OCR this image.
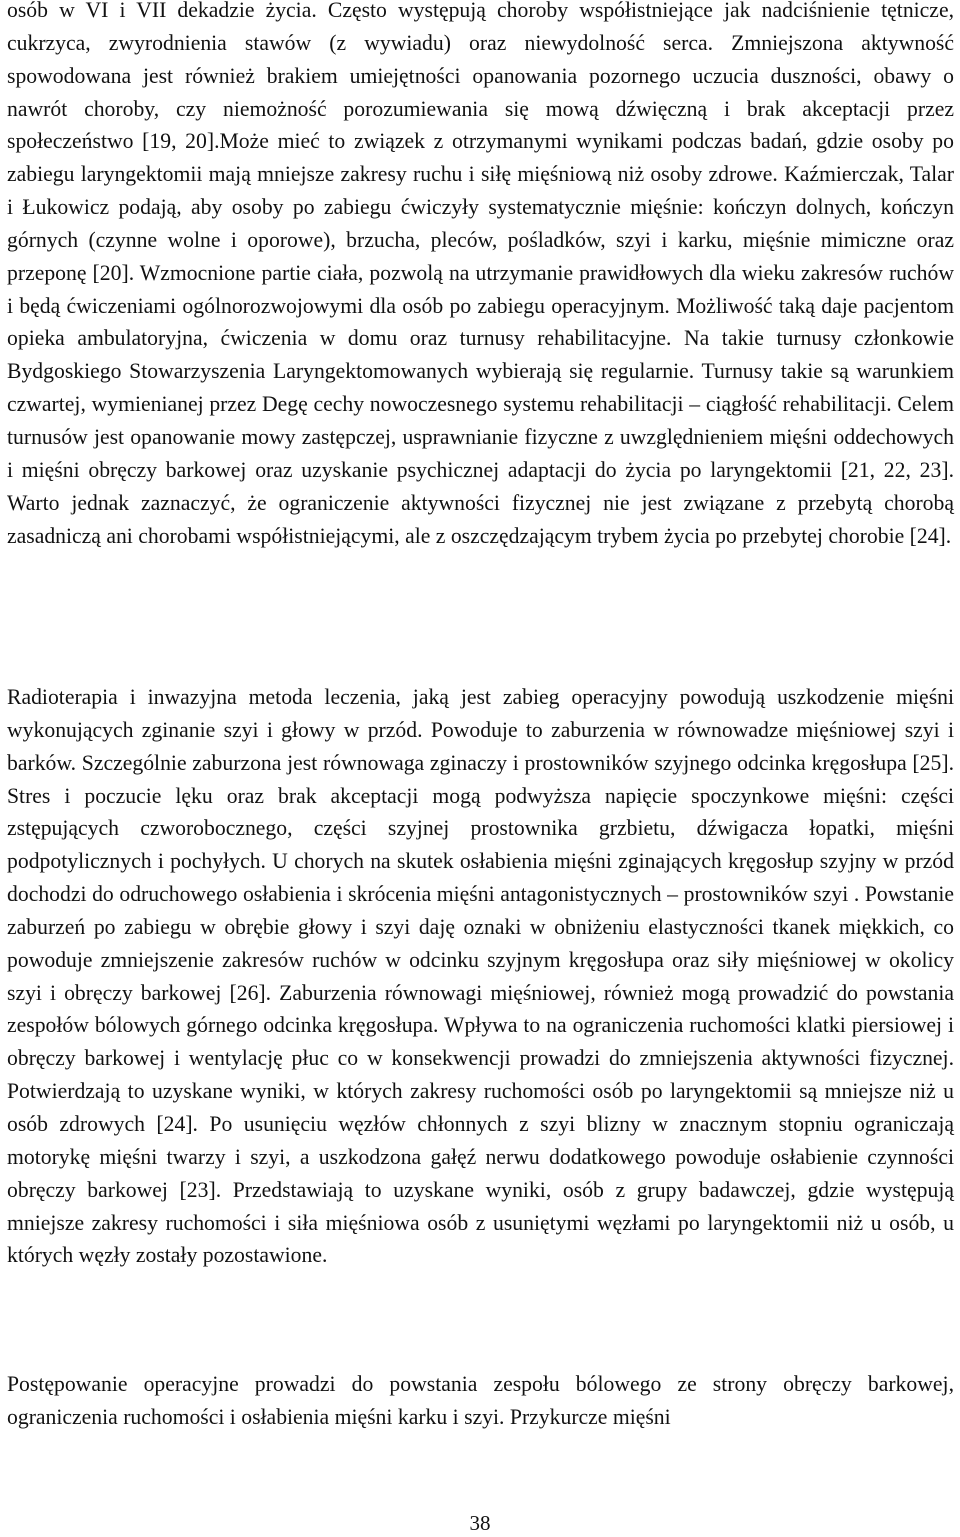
osób w VI i VII dekadzie życia. Często występują choroby współistniejące jak nadciśnienie tętnicze, cukrzyca, zwyrodnienia stawów (z wywiadu) oraz niewydolność serca. Zmniejszona aktywność spowodowana jest również brakiem umiejętności opanowania pozornego uczucia duszności, obawy o nawrót choroby, czy niemożność porozumiewania się mową dźwięczną i brak akceptacji przez społeczeństwo [19, 20].Może mieć to związek z otrzymanymi wynikami podczas badań, gdzie osoby po zabiegu laryngektomii mają mniejsze zakresy ruchu i siłę mięśniową niż osoby zdrowe. Kaźmierczak, Talar i Łukowicz podają, aby osoby po zabiegu ćwiczyły systematycznie mięśnie: kończyn dolnych, kończyn górnych (czynne wolne i oporowe), brzucha, pleców, pośladków, szyi i karku, mięśnie mimiczne oraz przeponę [20]. Wzmocnione partie ciała, pozwolą na utrzymanie prawidłowych dla wieku zakresów ruchów i będą ćwiczeniami ogólnorozwojowymi dla osób po zabiegu operacyjnym. Możliwość taką daje pacjentom opieka ambulatoryjna, ćwiczenia w domu oraz turnusy rehabilitacyjne. Na takie turnusy członkowie Bydgoskiego Stowarzyszenia Laryngektomowanych wybierają się regularnie. Turnusy takie są warunkiem czwartej, wymienianej przez Degę cechy nowoczesnego systemu rehabilitacji – ciągłość rehabilitacji. Celem turnusów jest opanowanie mowy zastępczej, usprawnianie fizyczne z uwzględnieniem mięśni oddechowych i mięśni obręczy barkowej oraz uzyskanie psychicznej adaptacji do życia po laryngektomii [21, 22, 23]. Warto jednak zaznaczyć, że ograniczenie aktywności fizycznej nie jest związane z przebytą chorobą zasadniczą ani chorobami współistniejącymi, ale z oszczędzającym trybem życia po przebytej chorobie [24].

Radioterapia i inwazyjna metoda leczenia, jaką jest zabieg operacyjny powodują uszkodzenie mięśni wykonujących zginanie szyi i głowy w przód. Powoduje to zaburzenia w równowadze mięśniowej szyi i barków. Szczególnie zaburzona jest równowaga zginaczy i prostowników szyjnego odcinka kręgosłupa [25]. Stres i poczucie lęku oraz brak akceptacji mogą podwyższa napięcie spoczynkowe mięśni: części zstępujących czworobocznego, części szyjnej prostownika grzbietu, dźwigacza łopatki, mięśni podpotylicznych i pochyłych. U chorych na skutek osłabienia mięśni zginających kręgosłup szyjny w przód dochodzi do odruchowego osłabienia i skrócenia mięśni antagonistycznych – prostowników szyi . Powstanie zaburzeń po zabiegu w obrębie głowy i szyi daję oznaki w obniżeniu elastyczności tkanek miękkich, co powoduje zmniejszenie zakresów ruchów w odcinku szyjnym kręgosłupa oraz siły mięśniowej w okolicy szyi i obręczy barkowej [26]. Zaburzenia równowagi mięśniowej, również mogą prowadzić do powstania zespołów bólowych górnego odcinka kręgosłupa. Wpływa to na ograniczenia ruchomości klatki piersiowej i obręczy barkowej i wentylację płuc co w konsekwencji prowadzi do zmniejszenia aktywności fizycznej. Potwierdzają to uzyskane wyniki, w których zakresy ruchomości osób po laryngektomii są mniejsze niż u osób zdrowych [24]. Po usunięciu węzłów chłonnych z szyi blizny w znacznym stopniu ograniczają motorykę mięśni twarzy i szyi, a uszkodzona gałęź nerwu dodatkowego powoduje osłabienie czynności obręczy barkowej [23]. Przedstawiają to uzyskane wyniki, osób z grupy badawczej, gdzie występują mniejsze zakresy ruchomości i siła mięśniowa osób z usuniętymi węzłami po laryngektomii niż u osób, u których węzły zostały pozostawione.

Postępowanie operacyjne prowadzi do powstania zespołu bólowego ze strony obręczy barkowej, ograniczenia ruchomości i osłabienia mięśni karku i szyi. Przykurcze mięśni

38
